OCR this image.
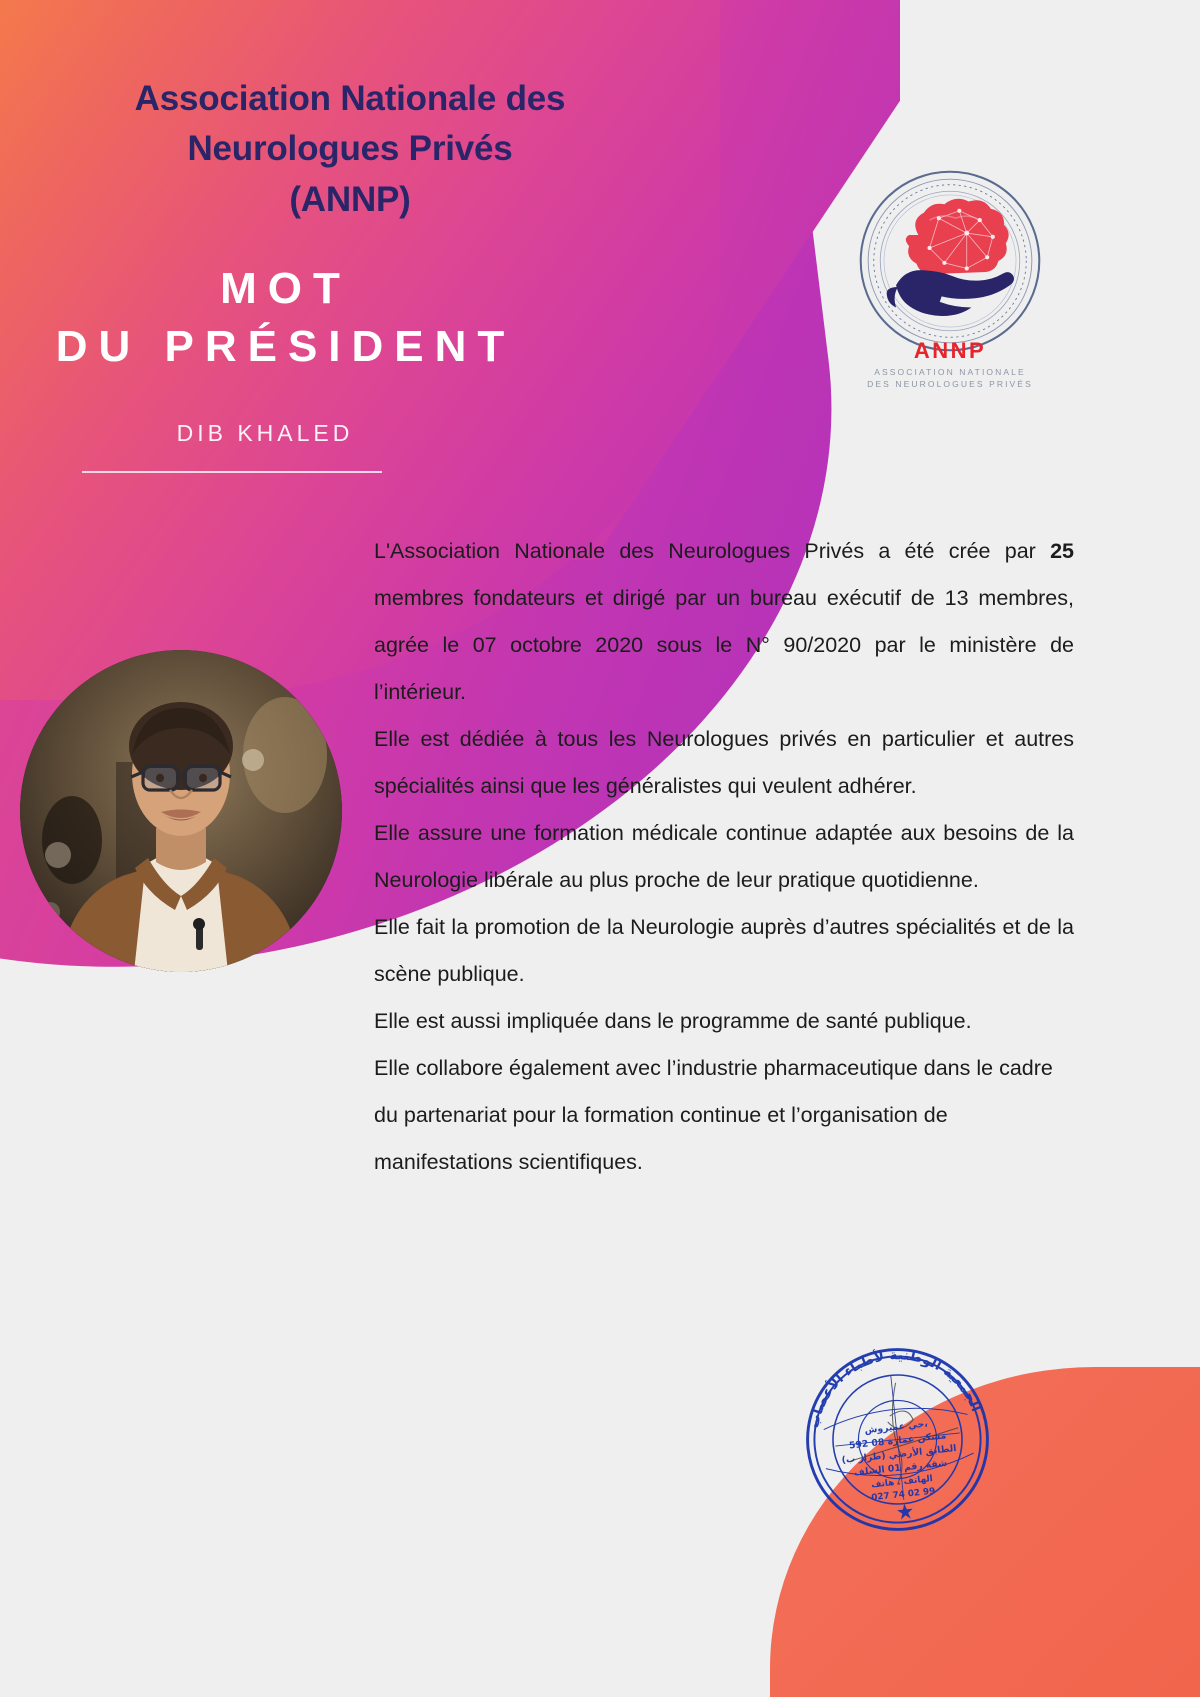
Association Nationale des
Neurologues Privés
(ANNP)
MOT
DU PRÉSIDENT
DIB KHALED
ANNP
ASSOCIATION NATIONALE
DES NEUROLOGUES PRIVÉS

L'Association Nationale des Neurologues Privés a été crée par 25 membres fondateurs et dirigé par un bureau exécutif de 13 membres, agrée le 07 octobre 2020 sous le N° 90/2020 par le ministère de l’intérieur.

Elle est dédiée à tous les Neurologues privés en particulier et autres spécialités ainsi que les généralistes qui veulent adhérer.

Elle assure une formation médicale continue adaptée aux besoins de la Neurologie libérale au plus proche de leur pratique quotidienne.

Elle fait la promotion de la Neurologie auprès d’autres spécialités et de la scène publique.

Elle est aussi impliquée dans le programme de santé publique.

Elle collabore également avec l’industrie pharmaceutique dans le cadre du partenariat pour la formation continue et l’organisation de manifestations scientifiques.

الجمعية الوطنية لأطباء الأعصاب
حي عميروش،
592 مسكن عمارة 08
(طراز ب) الطابق الأرضي
شقة رقم 01 الشلف
الهاتف . هاتف
027 74 02 99
